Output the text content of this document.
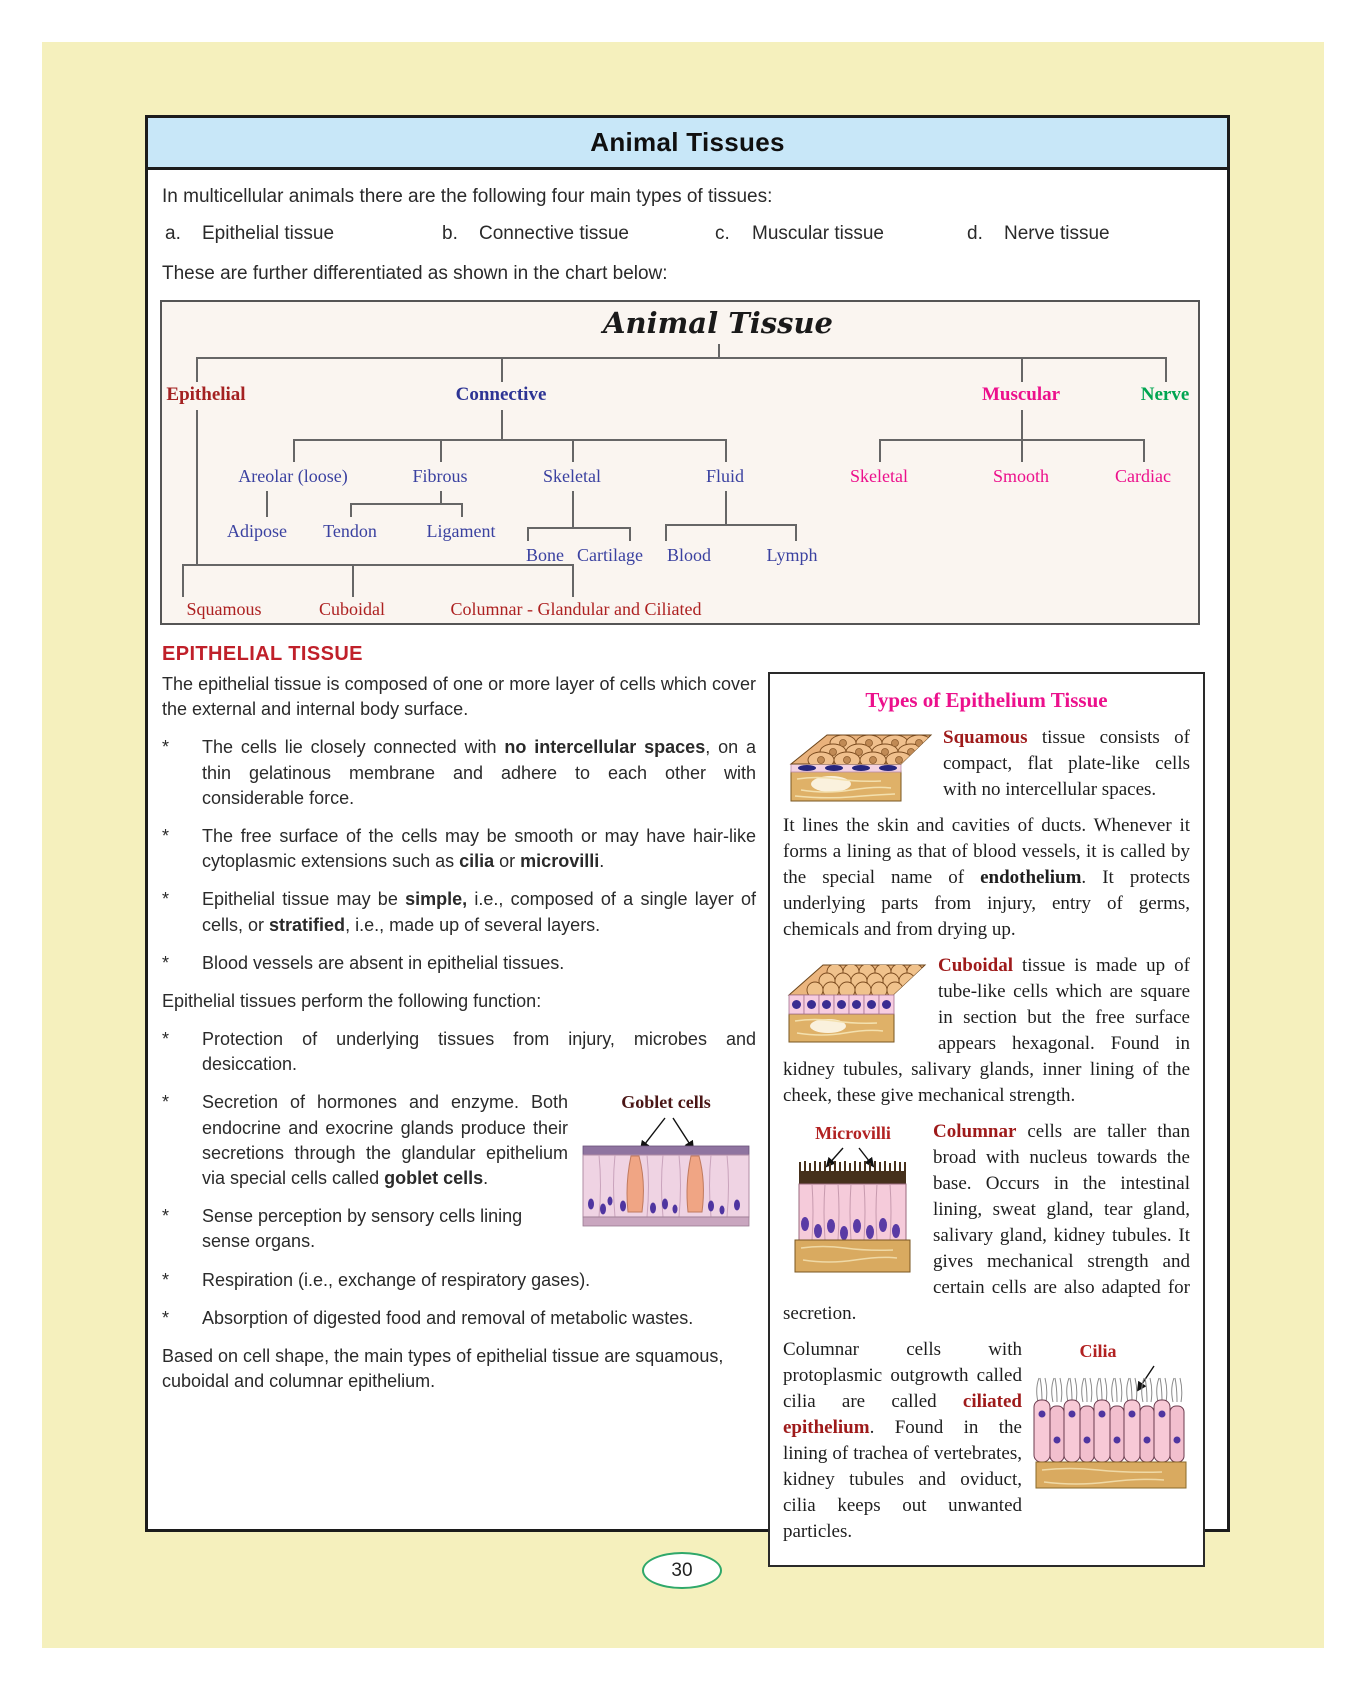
Animal Tissues

In multicellular animals there are the following four main types of tissues:

a. Epithelial tissue	b. Connective tissue	c. Muscular tissue	d. Nerve tissue

These are further differentiated as shown in the chart below:

Animal Tissue
Epithelial	Connective	Muscular	Nerve
Areolar (loose)	Fibrous	Skeletal	Fluid	Skeletal	Smooth	Cardiac
Adipose Tendon	Ligament
Bone Cartilage Blood	Lymph
Squamous	Cuboidal	Columnar - Glandular and Ciliated
EPITHELIAL TISSUE

The epithelial tissue is composed of one or more layer of cells which cover the external and internal body surface.

*	The cells lie closely connected with no intercellular spaces, on a thin gelatinous membrane and adhere to each other with considerable force.

*	The free surface of the cells may be smooth or may have hair-like cytoplasmic extensions such as cilia or microvilli.

*	Epithelial tissue may be simple, i.e., composed of a single layer of cells, or stratified, i.e., made up of several layers.

*	Blood vessels are absent in epithelial tissues.

Epithelial tissues perform the following function:

*	Protection of underlying tissues from injury, microbes and desiccation.

Goblet cells
*	Secretion of hormones and enzyme. Both endocrine and exocrine glands produce their secretions through the glandular epithelium via special cells called goblet cells.

*	Sense perception by sensory cells lining sense organs.

*	Respiration (i.e., exchange of respiratory gases).

*	Absorption of digested food and removal of metabolic wastes.

Based on cell shape, the main types of epithelial tissue are squamous, cuboidal and columnar epithelium.

Types of Epithelium Tissue

Squamous tissue consists of compact, flat plate-like cells with no intercellular spaces.

It lines the skin and cavities of ducts. Whenever it forms a lining as that of blood vessels, it is called by the special name of endothelium. It protects underlying parts from injury, entry of germs, chemicals and from drying up.

Cuboidal tissue is made up of tube-like cells which are square in section but the free surface appears hexagonal. Found in kidney tubules, salivary glands, inner lining of the cheek, these give mechanical strength.

Microvilli	Columnar cells are taller than broad with nucleus towards the base. Occurs in the intestinal lining, sweat gland, tear gland, salivary gland, kidney tubules. It gives mechanical strength and certain cells are also adapted for secretion.

Cilia

Columnar cells with protoplasmic outgrowth called cilia are called ciliated epithelium. Found in the lining of trachea of vertebrates, kidney tubules and oviduct, cilia keeps out unwanted particles.

30
